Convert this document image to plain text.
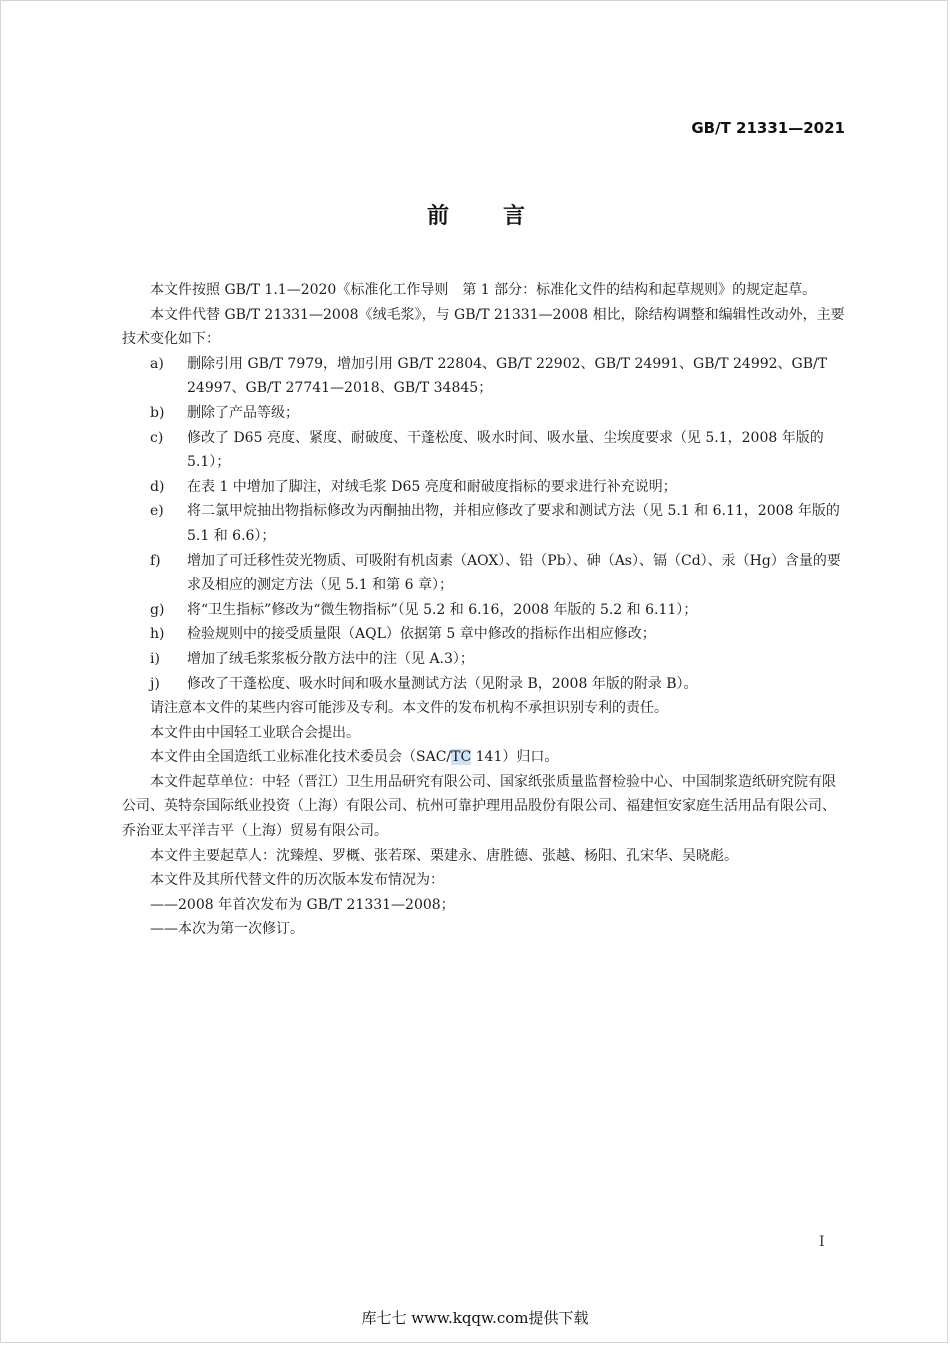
GB/T 21331—2021
前言

本文件按照 GB/T 1.1—2020《标准化工作导则　第 1 部分：标准化文件的结构和起草规则》的规定起草。

本文件代替 GB/T 21331—2008《绒毛浆》，与 GB/T 21331—2008 相比，除结构调整和编辑性改动外，主要技术变化如下：

a) 删除引用 GB/T 7979，增加引用 GB/T 22804、GB/T 22902、GB/T 24991、GB/T 24992、GB/T 24997、GB/T 27741—2018、GB/T 34845；

b) 删除了产品等级；

c) 修改了 D65 亮度、紧度、耐破度、干蓬松度、吸水时间、吸水量、尘埃度要求（见 5.1，2008 年版的 5.1）；

d) 在表 1 中增加了脚注，对绒毛浆 D65 亮度和耐破度指标的要求进行补充说明；

e) 将二氯甲烷抽出物指标修改为丙酮抽出物，并相应修改了要求和测试方法（见 5.1 和 6.11，2008 年版的 5.1 和 6.6）；

f) 增加了可迁移性荧光物质、可吸附有机卤素（AOX）、铅（Pb）、砷（As）、镉（Cd）、汞（Hg）含量的要求及相应的测定方法（见 5.1 和第 6 章）；

g) 将“卫生指标”修改为“微生物指标”（见 5.2 和 6.16，2008 年版的 5.2 和 6.11）；

h) 检验规则中的接受质量限（AQL）依据第 5 章中修改的指标作出相应修改；

i) 增加了绒毛浆浆板分散方法中的注（见 A.3）；

j) 修改了干蓬松度、吸水时间和吸水量测试方法（见附录 B，2008 年版的附录 B）。

请注意本文件的某些内容可能涉及专利。本文件的发布机构不承担识别专利的责任。

本文件由中国轻工业联合会提出。

本文件由全国造纸工业标准化技术委员会（SAC/TC 141）归口。

本文件起草单位：中轻（晋江）卫生用品研究有限公司、国家纸张质量监督检验中心、中国制浆造纸研究院有限公司、英特奈国际纸业投资（上海）有限公司、杭州可靠护理用品股份有限公司、福建恒安家庭生活用品有限公司、乔治亚太平洋吉平（上海）贸易有限公司。

本文件主要起草人：沈臻煌、罗概、张若琛、栗建永、唐胜德、张越、杨阳、孔宋华、吴晓彪。

本文件及其所代替文件的历次版本发布情况为：

——2008 年首次发布为 GB/T 21331—2008；

——本次为第一次修订。

I
库七七 www.kqqw.com提供下载
